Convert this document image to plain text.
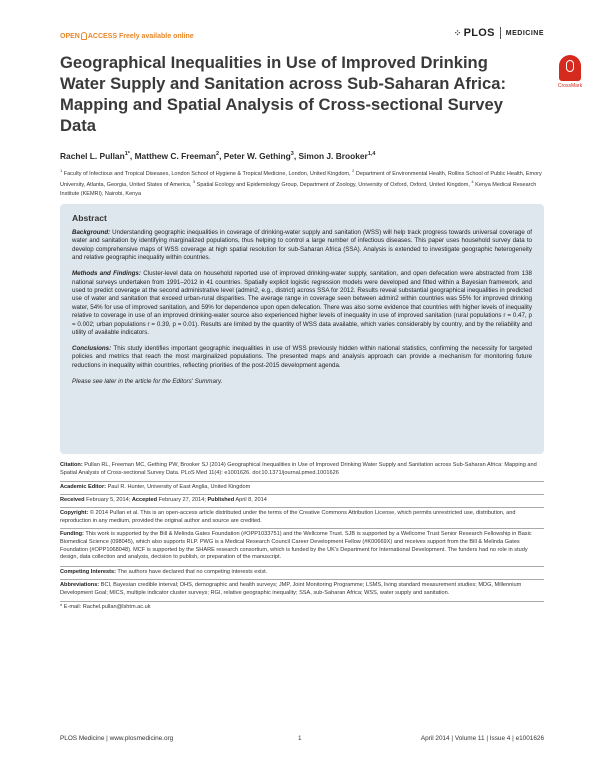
OPEN ACCESS Freely available online	⁘ PLOS MEDICINE
Geographical Inequalities in Use of Improved Drinking Water Supply and Sanitation across Sub-Saharan Africa: Mapping and Spatial Analysis of Cross-sectional Survey Data
CrossMark
Rachel L. Pullan$^{1*}$, Matthew C. Freeman$^2$, Peter W. Gething$^3$, Simon J. Brooker$^{1,4}$
$^1$ Faculty of Infectious and Tropical Diseases, London School of Hygiene & Tropical Medicine, London, United Kingdom, $^2$ Department of Environmental Health, Rollins School of Public Health, Emory University, Atlanta, Georgia, United States of America, $^3$ Spatial Ecology and Epidemiology Group, Department of Zoology, University of Oxford, Oxford, United Kingdom, $^4$ Kenya Medical Research Institute (KEMRI), Nairobi, Kenya
Abstract

Background: Understanding geographic inequalities in coverage of drinking-water supply and sanitation (WSS) will help track progress towards universal coverage of water and sanitation by identifying marginalized populations, thus helping to control a large number of infectious diseases. This paper uses household survey data to develop comprehensive maps of WSS coverage at high spatial resolution for sub-Saharan Africa (SSA). Analysis is extended to investigate geographic heterogeneity and relative geographic inequality within countries.

Methods and Findings: Cluster-level data on household reported use of improved drinking-water supply, sanitation, and open defecation were abstracted from 138 national surveys undertaken from 1991–2012 in 41 countries. Spatially explicit logistic regression models were developed and fitted within a Bayesian framework, and used to predict coverage at the second administrative level (admin2, e.g., district) across SSA for 2012. Results reveal substantial geographical inequalities in predicted use of water and sanitation that exceed urban-rural disparities. The average range in coverage seen between admin2 within countries was 55% for improved drinking water, 54% for use of improved sanitation, and 59% for dependence upon open defecation. There was also some evidence that countries with higher levels of inequality relative to coverage in use of an improved drinking-water source also experienced higher levels of inequality in use of improved sanitation (rural populations r = 0.47, p = 0.002; urban populations r = 0.39, p = 0.01). Results are limited by the quantity of WSS data available, which varies considerably by country, and by the reliability and utility of available indicators.

Conclusions: This study identifies important geographic inequalities in use of WSS previously hidden within national statistics, confirming the necessity for targeted policies and metrics that reach the most marginalized populations. The presented maps and analysis approach can provide a mechanism for monitoring future reductions in inequality within countries, reflecting priorities of the post-2015 development agenda.

Please see later in the article for the Editors' Summary.

Citation: Pullan RL, Freeman MC, Gething PW, Brooker SJ (2014) Geographical Inequalities in Use of Improved Drinking Water Supply and Sanitation across Sub-Saharan Africa: Mapping and Spatial Analysis of Cross-sectional Survey Data. PLoS Med 11(4): e1001626. doi:10.1371/journal.pmed.1001626

Academic Editor: Paul R. Hunter, University of East Anglia, United Kingdom

Received February 5, 2014; Accepted February 27, 2014; Published April 8, 2014

Copyright: © 2014 Pullan et al. This is an open-access article distributed under the terms of the Creative Commons Attribution License, which permits unrestricted use, distribution, and reproduction in any medium, provided the original author and source are credited.

Funding: This work is supported by the Bill & Melinda Gates Foundation (#OPP1033751) and the Wellcome Trust. SJB is supported by a Wellcome Trust Senior Research Fellowship in Basic Biomedical Science (098045), which also supports RLP. PWG is a Medical Research Council Career Development Fellow (#K00669X) and receives support from the Bill & Melinda Gates Foundation (#OPP1068048). MCF is supported by the SHARE research consortium, which is funded by the UK's Department for International Development. The funders had no role in study design, data collection and analysis, decision to publish, or preparation of the manuscript.

Competing Interests: The authors have declared that no competing interests exist.

Abbreviations: BCI, Bayesian credible interval; DHS, demographic and health surveys; JMP, Joint Monitoring Programme; LSMS, living standard measurement studies; MDG, Millennium Development Goal; MICS, multiple indicator cluster surveys; RGI, relative geographic inequality; SSA, sub-Saharan Africa; WSS, water supply and sanitation.

* E-mail: Rachel.pullan@lshtm.ac.uk

PLOS Medicine | www.plosmedicine.org	1	April 2014 | Volume 11 | Issue 4 | e1001626
